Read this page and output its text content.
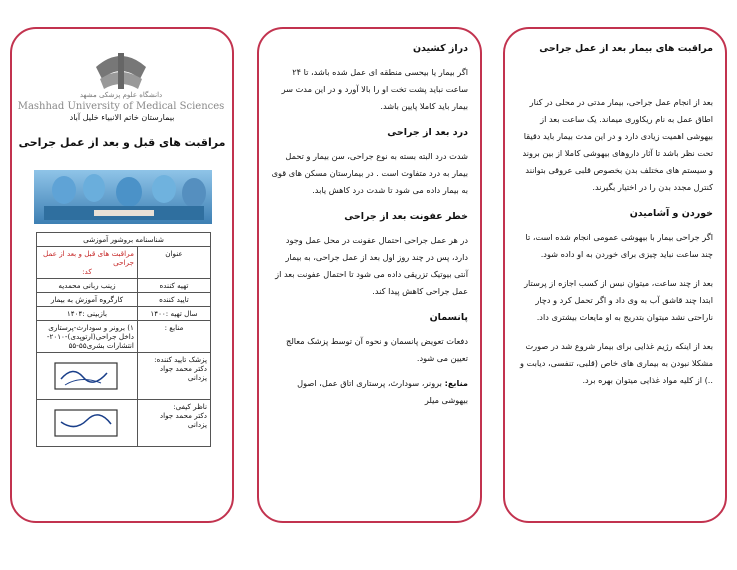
دانشگاه علوم پزشکی مشهد
Mashhad University of Medical Sciences
بیمارستان خاتم الانبیاء خلیل آباد
مراقبت های قبل و بعد از عمل جراحی
شناسنامه بروشور آموزشی	
عنوان	مراقبت های قبل و بعد از عمل جراحی
کد:

تهیه کننده	زینب ربانی محمدیه
تایید کننده	کارگروه آموزش به بیمار
سال تهیه :۱۴۰۰	بازبینی :۱۴۰۴
منابع :	۱) برونر و سودارث-پرستاری داخل جراحی(ارتوپدی)-۲۰۱۰- انتشارات بشری۵۵-۵۵

پزشک تایید کننده:
دکتر محمد جواد یزدانی

ناظر کیفی:
دکتر محمد جواد یزدانی

دراز کشیدن

اگر بیمار یا بیحسی منطقه ای عمل شده باشد، تا ۲۴ ساعت نباید پشت تخت او را بالا آورد و در این مدت سر بیمار باید کاملا پایین باشد.

درد بعد از جراحی

شدت درد البته بسته به نوع جراحی، سن بیمار و تحمل بیمار به درد متفاوت است . در بیمارستان مسکن های قوی به بیمار داده می شود تا شدت درد کاهش یابد.

خطر عفونت بعد از جراحی

در هر عمل جراحی احتمال عفونت در محل عمل وجود دارد، پس در چند روز اول بعد از عمل جراحی، به بیمار آنتی بیوتیک تزریقی داده می شود تا احتمال عفونت بعد از عمل جراحی کاهش پیدا کند.

پانسمان

دفعات تعویض پانسمان و نحوه آن توسط پزشک معالج تعیین می شود.

منابع: برونر، سودارث، پرستاری اتاق عمل، اصول بیهوشی میلر

مراقبت های بیمار بعد از عمل جراحی

بعد از انجام عمل جراحی، بیمار مدتی در محلی در کنار اطاق عمل به نام ریکاوری میماند. یک ساعت بعد از بیهوشی اهمیت زیادی دارد و در این مدت بیمار باید دقیقا تحت نظر باشد تا آثار داروهای بیهوشی کاملا از بین بروند و سیستم های مختلف بدن بخصوص قلبی عروقی بتوانند کنترل مجدد بدن را در اختیار بگیرند.

خوردن و آشامیدن

اگر جراحی بیمار با بیهوشی عمومی انجام شده است، تا چند ساعت نباید چیزی برای خوردن به او داده شود.

بعد از چند ساعت، میتوان نبس از کسب اجازه از پرستار ابتدا چند قاشق آب به وی داد و اگر تحمل کرد و دچار ناراحتی نشد میتوان بتدریج به او مایعات بیشتری داد.

بعد از اینکه رژیم غذایی برای بیمار شروع شد در صورت مشکلا نبودن به بیماری های خاص (قلبی، تنفسی، دیابت و ..) از کلیه مواد غذایی میتوان بهره برد.
